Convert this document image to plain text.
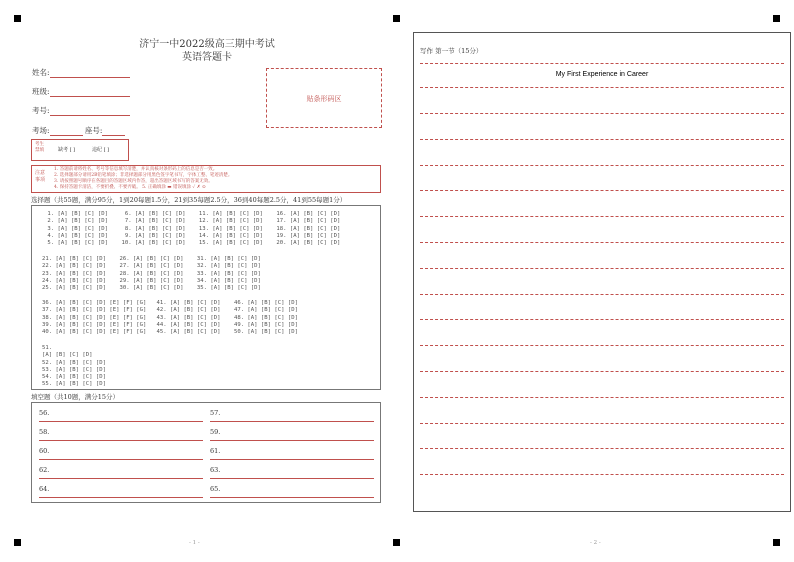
济宁一中2022级高三期中考试
英语答题卡
姓名:
班级:
考号:
考场:	座号:
贴条形码区
考生
禁填	缺考 [ ]	违纪 [ ]
注意
事项
1. 答题前请将姓名、考号等信息填写清楚，并认真核对条形码上的信息是否一致。
2. 选择题部分请用2B铅笔填涂；非选择题部分用黑色签字笔书写，字体工整、笔迹清楚。
3. 请按照题号顺序在各题目的答题区域内作答，超出答题区域书写的答案无效。
4. 保持答题卡清洁，不要折叠、不要弄破。 5. 正确填涂 ▬ 错误填涂 ✓ ✗ ⊙
选择题（共55题，满分95分，1到20每题1.5分，21到35每题2.5分，36到40每题2.5分，41到55每题1分）
1. [A] [B] [C] [D]     6. [A] [B] [C] [D]    11. [A] [B] [C] [D]    16. [A] [B] [C] [D]
2. [A] [B] [C] [D]     7. [A] [B] [C] [D]    12. [A] [B] [C] [D]    17. [A] [B] [C] [D]
3. [A] [B] [C] [D]     8. [A] [B] [C] [D]    13. [A] [B] [C] [D]    18. [A] [B] [C] [D]
4. [A] [B] [C] [D]     9. [A] [B] [C] [D]    14. [A] [B] [C] [D]    19. [A] [B] [C] [D]
5. [A] [B] [C] [D]    10. [A] [B] [C] [D]    15. [A] [B] [C] [D]    20. [A] [B] [C] [D]
21. [A] [B] [C] [D]    26. [A] [B] [C] [D]    31. [A] [B] [C] [D]
22. [A] [B] [C] [D]    27. [A] [B] [C] [D]    32. [A] [B] [C] [D]
23. [A] [B] [C] [D]    28. [A] [B] [C] [D]    33. [A] [B] [C] [D]
24. [A] [B] [C] [D]    29. [A] [B] [C] [D]    34. [A] [B] [C] [D]
25. [A] [B] [C] [D]    30. [A] [B] [C] [D]    35. [A] [B] [C] [D]
36. [A] [B] [C] [D] [E] [F] [G]   41. [A] [B] [C] [D]    46. [A] [B] [C] [D]
37. [A] [B] [C] [D] [E] [F] [G]   42. [A] [B] [C] [D]    47. [A] [B] [C] [D]
38. [A] [B] [C] [D] [E] [F] [G]   43. [A] [B] [C] [D]    48. [A] [B] [C] [D]
39. [A] [B] [C] [D] [E] [F] [G]   44. [A] [B] [C] [D]    49. [A] [B] [C] [D]
40. [A] [B] [C] [D] [E] [F] [G]   45. [A] [B] [C] [D]    50. [A] [B] [C] [D]
51.
[A] [B] [C] [D]
52. [A] [B] [C] [D]
53. [A] [B] [C] [D]
54. [A] [B] [C] [D]
55. [A] [B] [C] [D]
填空题（共10题，满分15分）
56.	57.
58.	59.
60.	61.
62.	63.
64.	65.
- 1 -
写作 第一节（15分）
My First Experience in Career
- 2 -
